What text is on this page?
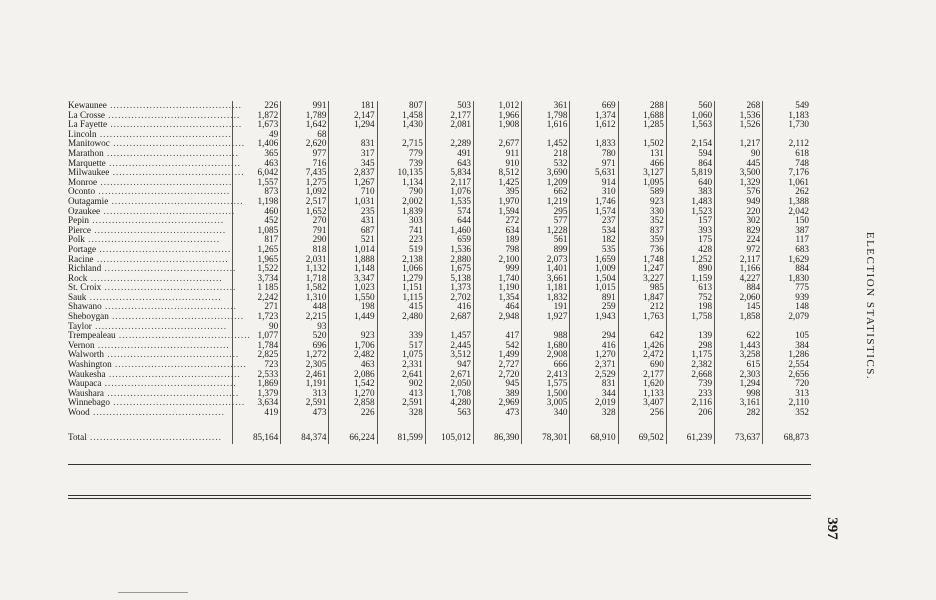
Kewaunee ........................................	226	991	181	807	503	1,012	361	669	288	560	268	549
La Crosse ........................................	1,872	1,789	2,147	1,458	2,177	1,966	1,798	1,374	1,688	1,060	1,536	1,183
La Fayette ........................................	1,673	1,642	1,294	1,430	2,081	1,908	1,616	1,612	1,285	1,563	1,526	1,730
Lincoln ........................................	49	68										
Manitowoc ........................................	1,406	2,620	831	2,715	2,289	2,677	1,452	1,833	1,502	2,154	1,217	2,112
Marathon ........................................	365	977	317	779	491	911	218	780	131	594	90	618
Marquette ........................................	463	716	345	739	643	910	532	971	466	864	445	748
Milwaukee ........................................	6,042	7,435	2,837	10,135	5,834	8,512	3,690	5,631	3,127	5,819	3,500	7,176
Monroe ........................................	1,557	1,275	1,267	1,134	2,117	1,425	1,209	914	1,095	640	1,329	1,061
Oconto ........................................	873	1,092	710	790	1,076	395	662	310	589	383	576	262
Outagamie ........................................	1,198	2,517	1,031	2,002	1,535	1,970	1,219	1,746	923	1,483	949	1,388
Ozaukee ........................................	460	1,652	235	1,839	574	1,594	295	1,574	330	1,523	220	2,042
Pepin ........................................	452	270	431	303	644	272	577	237	352	157	302	150
Pierce ........................................	1,085	791	687	741	1,460	634	1,228	534	837	393	829	387
Polk ........................................	817	290	521	223	659	189	561	182	359	175	224	117
Portage ........................................	1,265	818	1,014	519	1,536	798	899	535	736	428	972	683
Racine ........................................	1,965	2,031	1,888	2,138	2,880	2,100	2,073	1,659	1,748	1,252	2,117	1,629
Richland ........................................	1,522	1,132	1,148	1,066	1,675	999	1,401	1,009	1,247	890	1,166	884
Rock ........................................	3,734	1,718	3,347	1,279	5,138	1,740	3,661	1,504	3,227	1,159	4,227	1,830
St. Croix ........................................	1 185	1,582	1,023	1,151	1,373	1,190	1,181	1,015	985	613	884	775
Sauk ........................................	2,242	1,310	1,550	1,115	2,702	1,354	1,832	891	1,847	752	2,060	939
Shawano ........................................	271	448	198	415	416	464	191	259	212	198	145	148
Sheboygan ........................................	1,723	2,215	1,449	2,480	2,687	2,948	1,927	1,943	1,763	1,758	1,858	2,079
Taylor ........................................	90	93										
Trempealeau ........................................	1,077	520	923	339	1,457	417	988	294	642	139	622	105
Vernon ........................................	1,784	696	1,706	517	2,445	542	1,680	416	1,426	298	1,443	384
Walworth ........................................	2,825	1,272	2,482	1,075	3,512	1,499	2,908	1,270	2,472	1,175	3,258	1,286
Washington ........................................	723	2,305	463	2,331	947	2,727	666	2,371	690	2,382	615	2,554
Waukesha ........................................	2,533	2,461	2,086	2,641	2,671	2,720	2,413	2,529	2,177	2,668	2,303	2,656
Waupaca ........................................	1,869	1,191	1,542	902	2,050	945	1,575	831	1,620	739	1,294	720
Waushara ........................................	1,379	313	1,270	413	1,708	389	1,500	344	1,133	233	998	313
Winnebago ........................................	3,634	2,591	2,858	2,591	4,280	2,969	3,005	2,019	3,407	2,116	3,161	2,110
Wood ........................................	419	473	226	328	563	473	340	328	256	206	282	352
Total ........................................	85,164	84,374	66,224	81,599	105,012	86,390	78,301	68,910	69,502	61,239	73,637	68,873
ELECTION STATISTICS.
397
